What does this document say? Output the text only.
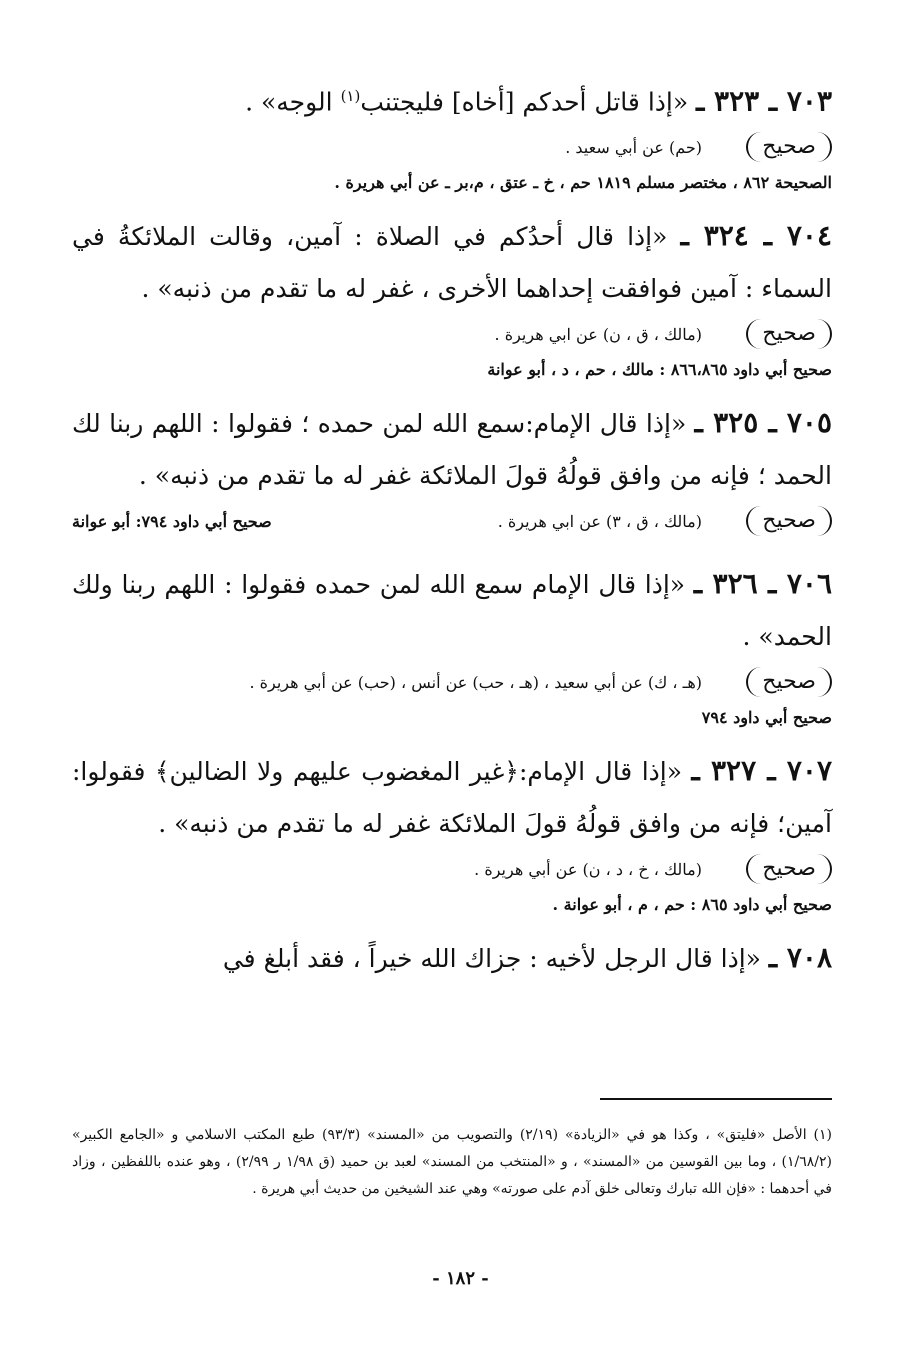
٧٠٣ ـ ٣٢٣ ـ «إذا قاتل أحدكم [أخاه] فليجتنب$^{(١)}$ الوجه» .

صحيح
(حم) عن أبي سعيد .

الصحيحة ٨٦٢ ، مختصر مسلم ١٨١٩ حم ، خ ـ عتق ، م،بر ـ عن أبي هريرة .

٧٠٤ ـ ٣٢٤ ـ «إذا قال أحدُكم في الصلاة : آمين، وقالت الملائكةُ في السماء : آمين فوافقت إحداهما الأخرى ، غفر له ما تقدم من ذنبه» .

صحيح
(مالك ، ق ، ن) عن ابي هريرة .

صحيح أبي داود ٨٦٦،٨٦٥ : مالك ، حم ، د ، أبو عوانة

٧٠٥ ـ ٣٢٥ ـ «إذا قال الإمام:سمع الله لمن حمده ؛ فقولوا : اللهم ربنا لك الحمد ؛ فإنه من وافق قولُهُ قولَ الملائكة غفر له ما تقدم من ذنبه» .

صحيح
(مالك ، ق ، ٣) عن ابي هريرة .
صحيح أبي داود ٧٩٤: أبو عوانة

٧٠٦ ـ ٣٢٦ ـ «إذا قال الإمام سمع الله لمن حمده فقولوا : اللهم ربنا ولك الحمد» .

صحيح
(هـ ، ك) عن أبي سعيد ، (هـ ، حب) عن أنس ، (حب) عن أبي هريرة .

صحيح أبي داود ٧٩٤

٧٠٧ ـ ٣٢٧ ـ «إذا قال الإمام:﴿غير المغضوب عليهم ولا الضالين﴾ فقولوا: آمين؛ فإنه من وافق قولُهُ قولَ الملائكة غفر له ما تقدم من ذنبه» .

صحيح
(مالك ، خ ، د ، ن) عن أبي هريرة .

صحيح أبي داود ٨٦٥ : حم ، م ، أبو عوانة .

٧٠٨ ـ «إذا قال الرجل لأخيه : جزاك الله خيراً ، فقد أبلغ في

(١) الأصل «فليتق» ، وكذا هو في «الزيادة» (٢/١٩) والتصويب من «المسند» (٩٣/٣) طبع المكتب الاسلامي و «الجامع الكبير» (١/٦٨/٢) ، وما بين القوسين من «المسند» ، و «المنتخب من المسند» لعبد بن حميد (ق ١/٩٨ ر ٢/٩٩) ، وهو عنده باللفظين ، وزاد في أحدهما : «فإن الله تبارك وتعالى خلق آدم على صورته» وهي عند الشيخين من حديث أبي هريرة .

- ١٨٢ -
